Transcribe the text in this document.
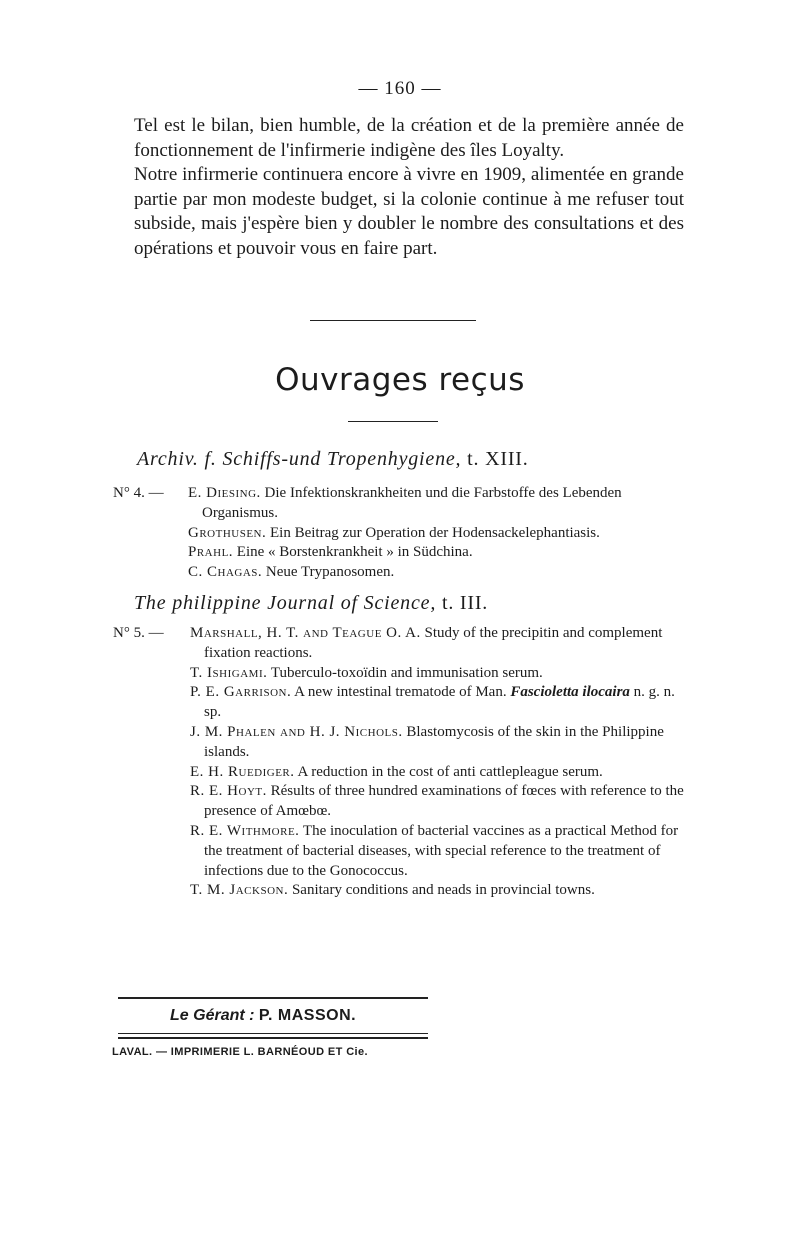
— 160 —

Tel est le bilan, bien humble, de la création et de la première année de fonctionnement de l'infirmerie indigène des îles Loyalty.

Notre infirmerie continuera encore à vivre en 1909, alimentée en grande partie par mon modeste budget, si la colonie continue à me refuser tout subside, mais j'espère bien y doubler le nombre des consultations et des opérations et pouvoir vous en faire part.

Ouvrages reçus
Archiv. f. Schiffs-und Tropenhygiene, t. XIII.
N° 4. — E. Diesing. Die Infektionskrankheiten und die Farbstoffe des Lebenden Organismus.
Grothusen. Ein Beitrag zur Operation der Hodensackelephantiasis.
Prahl. Eine « Borstenkrankheit » in Südchina.
C. Chagas. Neue Trypanosomen.
The philippine Journal of Science, t. III.
N° 5. — Marshall, H. T. and Teague O. A. Study of the precipitin and complement fixation reactions.
T. Ishigami. Tuberculo-toxoïdin and immunisation serum.
P. E. Garrison. A new intestinal trematode of Man. Fascioletta ilocaira n. g. n. sp.
J. M. Phalen and H. J. Nichols. Blastomycosis of the skin in the Philippine islands.
E. H. Ruediger. A reduction in the cost of anti cattlepleague serum.
R. E. Hoyt. Résults of three hundred examinations of fœces with reference to the presence of Amœbœ.
R. E. Withmore. The inoculation of bacterial vaccines as a practical Method for the treatment of bacterial diseases, with special reference to the treatment of infections due to the Gonococcus.
T. M. Jackson. Sanitary conditions and neads in provincial towns.
Le Gérant : P. MASSON.
LAVAL. — IMPRIMERIE L. BARNÉOUD ET Cie.
